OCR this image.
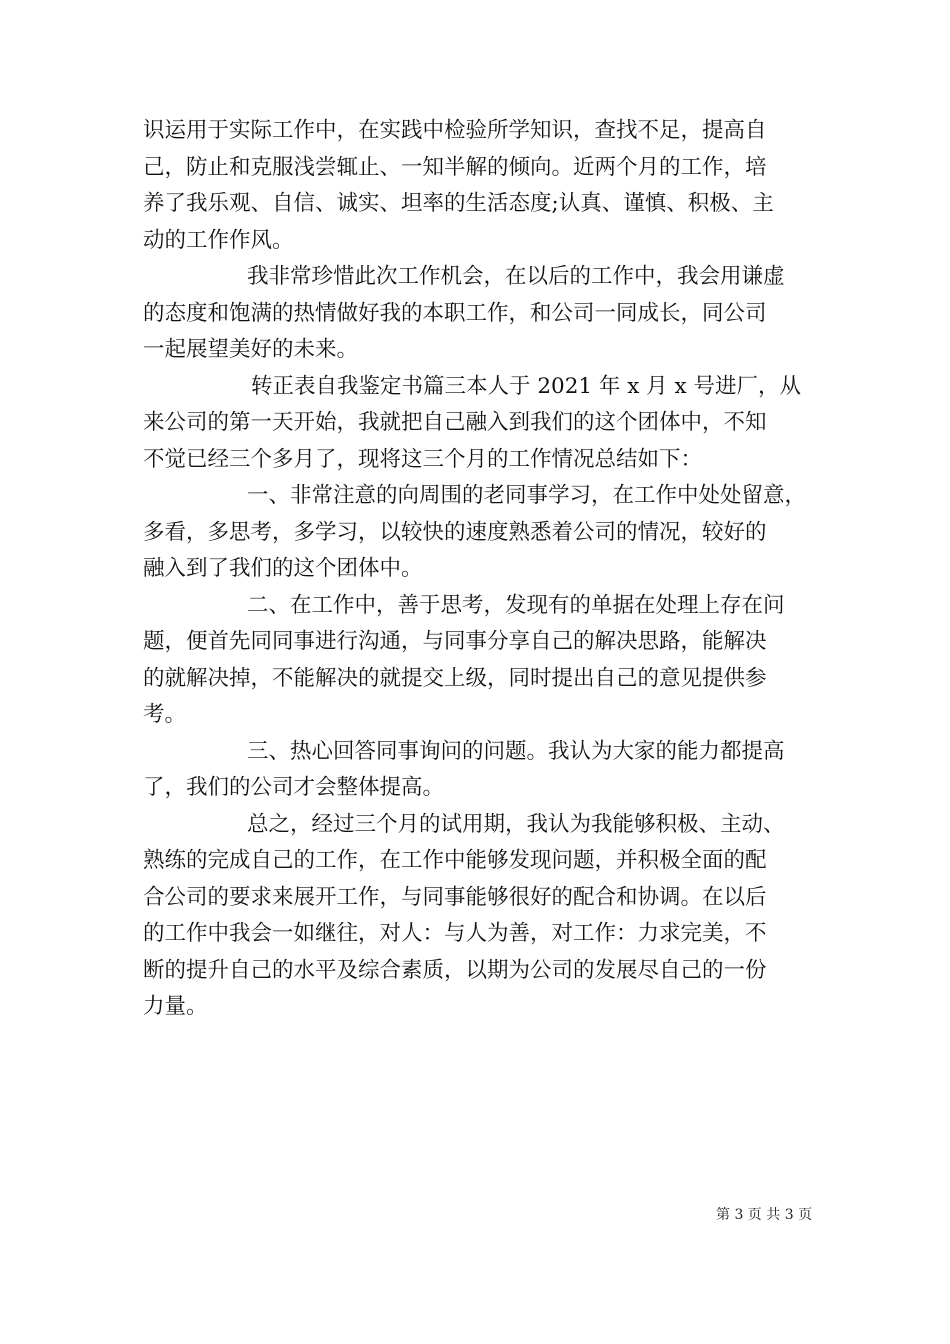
识运用于实际工作中，在实践中检验所学知识，查找不足，提高自
己，防止和克服浅尝辄止、一知半解的倾向。近两个月的工作，培
养了我乐观、自信、诚实、坦率的生活态度;认真、谨慎、积极、主
动的工作作风。
我非常珍惜此次工作机会，在以后的工作中，我会用谦虚
的态度和饱满的热情做好我的本职工作，和公司一同成长，同公司
一起展望美好的未来。
转正表自我鉴定书篇三本人于 2021 年 x 月 x 号进厂，从
来公司的第一天开始，我就把自己融入到我们的这个团体中，不知
不觉已经三个多月了，现将这三个月的工作情况总结如下：
一、非常注意的向周围的老同事学习，在工作中处处留意，
多看，多思考，多学习，以较快的速度熟悉着公司的情况，较好的
融入到了我们的这个团体中。
二、在工作中，善于思考，发现有的单据在处理上存在问
题，便首先同同事进行沟通，与同事分享自己的解决思路，能解决
的就解决掉，不能解决的就提交上级，同时提出自己的意见提供参
考。
三、热心回答同事询问的问题。我认为大家的能力都提高
了，我们的公司才会整体提高。
总之，经过三个月的试用期，我认为我能够积极、主动、
熟练的完成自己的工作，在工作中能够发现问题，并积极全面的配
合公司的要求来展开工作，与同事能够很好的配合和协调。在以后
的工作中我会一如继往，对人：与人为善，对工作：力求完美，不
断的提升自己的水平及综合素质，以期为公司的发展尽自己的一份
力量。
第 3 页 共 3 页
